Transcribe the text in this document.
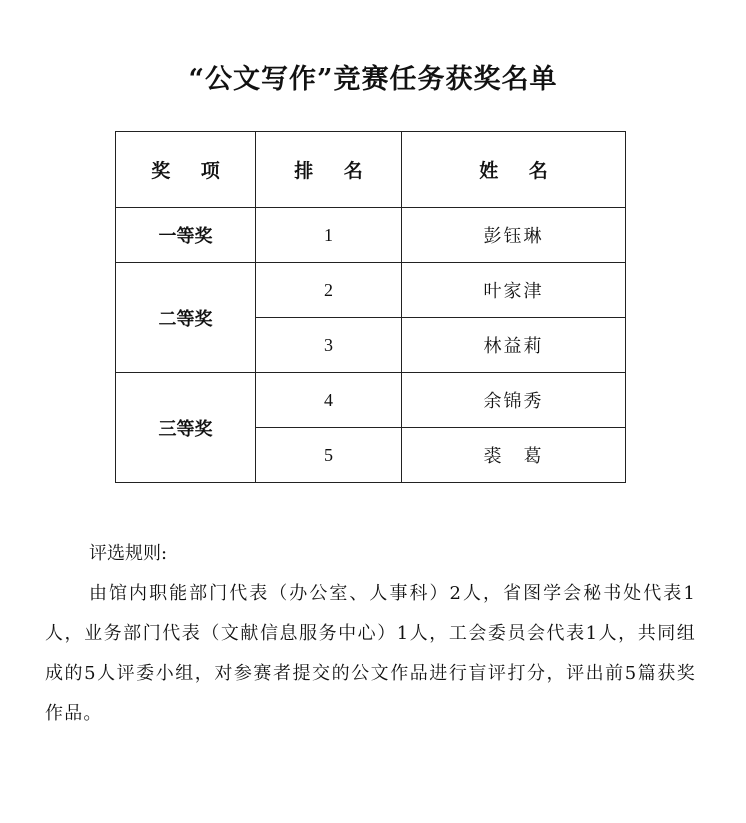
“公文写作”竞赛任务获奖名单
奖 项	排 名	姓 名
一等奖	1	彭钰琳
二等奖	2	叶家津
	3	林益莉
三等奖	4	余锦秀
	5	裘　葛
评选规则:
由馆内职能部门代表（办公室、人事科）2人，省图学会秘书处代表1人，业务部门代表（文献信息服务中心）1人，工会委员会代表1人，共同组成的5人评委小组，对参赛者提交的公文作品进行盲评打分，评出前5篇获奖作品。
